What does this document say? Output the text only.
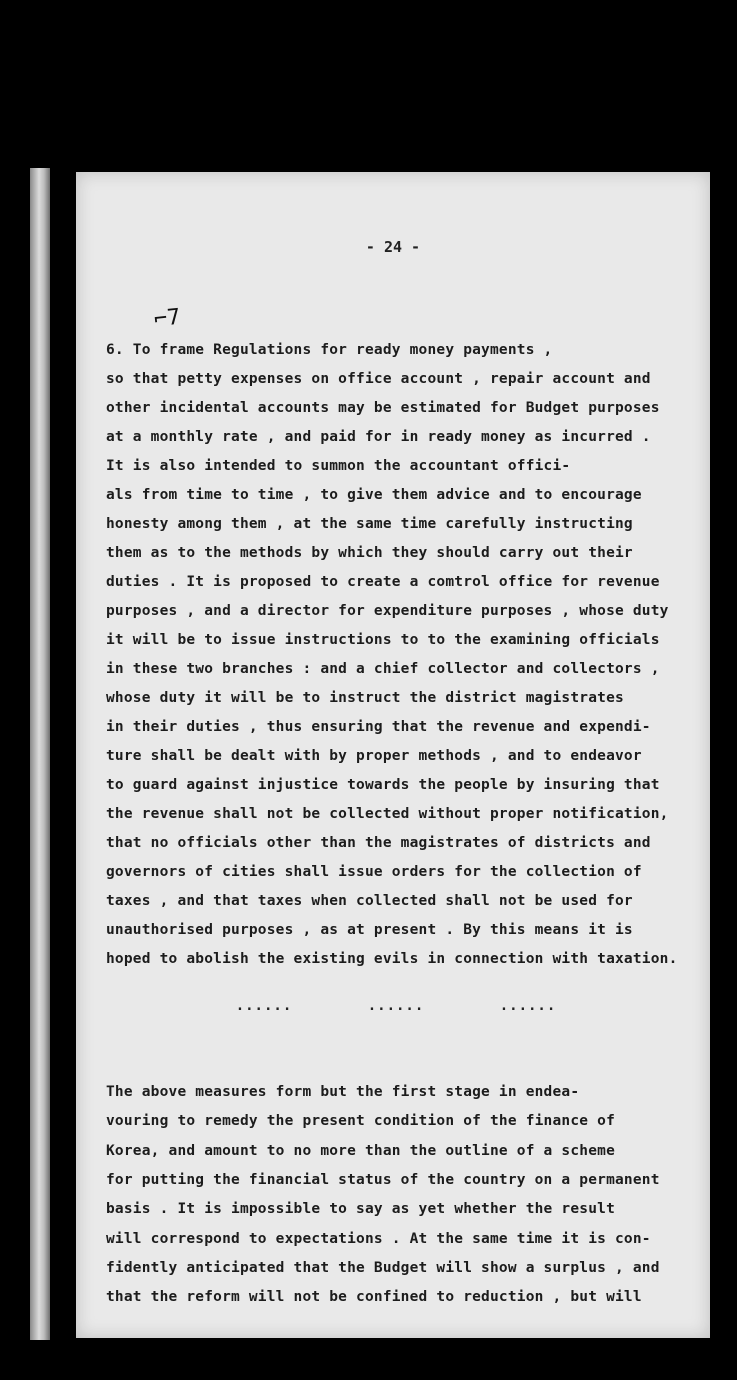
- 24 -
⌐7
6. To frame Regulations for ready money payments ,
so that petty expenses on office account , repair account and
other incidental accounts may be estimated for Budget purposes
at a monthly rate , and paid for in ready money as incurred .
It is also intended to summon the accountant offici-
als from time to time , to give them advice and to encourage
honesty among them , at the same time carefully instructing
them as to the methods by which they should carry out their
duties . It is proposed to create a comtrol office for revenue
purposes , and a director for expenditure purposes , whose duty
it will be to issue instructions to to the examining officials
in these two branches : and a chief collector and collectors ,
whose duty it will be to instruct the district magistrates
in their duties , thus ensuring that the revenue and expendi-
ture shall be dealt with by proper methods , and to endeavor
to guard against injustice towards the people by insuring that
the revenue shall not be collected without proper notification,
that no officials other than the magistrates of districts and
governors of cities shall issue orders for the collection of
taxes , and that taxes when collected shall not be used for
unauthorised purposes , as at present . By this means it is
hoped to abolish the existing evils in connection with taxation.
......        ......        ......
The above measures form but the first stage in endea-
vouring to remedy the present condition of the finance of
Korea, and amount to no more than the outline of a scheme
for putting the financial status of the country on a permanent
basis . It is impossible to say as yet whether the result
will correspond to expectations . At the same time it is con-
fidently anticipated that the Budget will show a surplus , and
that the reform will not be confined to reduction , but will
